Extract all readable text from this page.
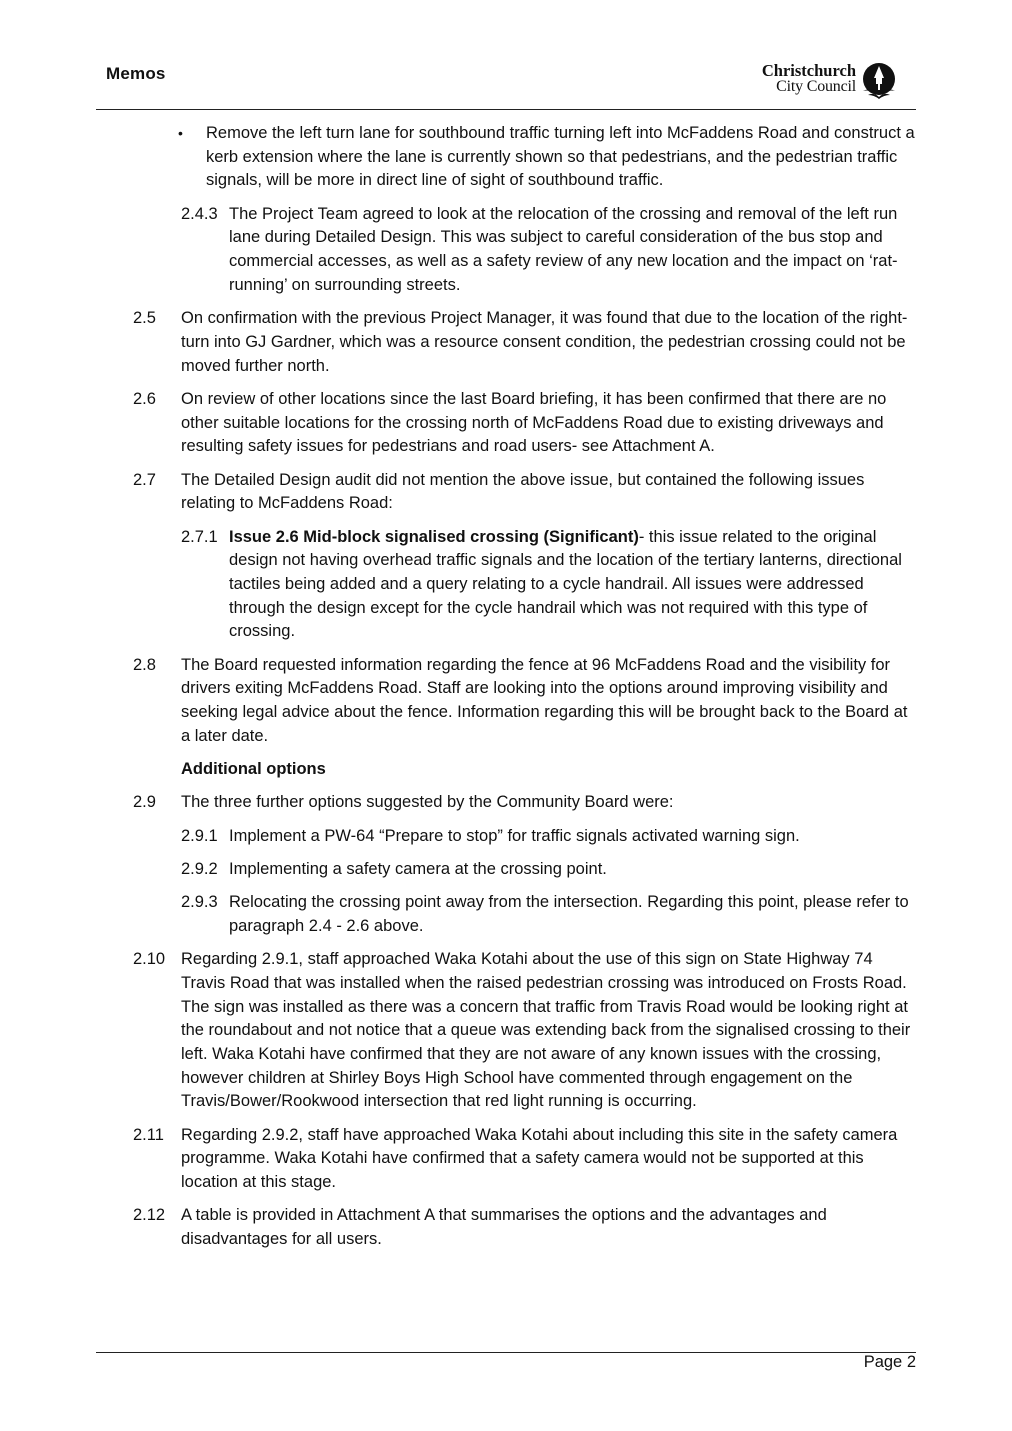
Memos	Christchurch
City Council
• Remove the left turn lane for southbound traffic turning left into McFaddens Road and construct a kerb extension where the lane is currently shown so that pedestrians, and the pedestrian traffic signals, will be more in direct line of sight of southbound traffic.
2.4.3 The Project Team agreed to look at the relocation of the crossing and removal of the left run lane during Detailed Design. This was subject to careful consideration of the bus stop and commercial accesses, as well as a safety review of any new location and the impact on ‘rat-running’ on surrounding streets.
2.5 On confirmation with the previous Project Manager, it was found that due to the location of the right-turn into GJ Gardner, which was a resource consent condition, the pedestrian crossing could not be moved further north.
2.6 On review of other locations since the last Board briefing, it has been confirmed that there are no other suitable locations for the crossing north of McFaddens Road due to existing driveways and resulting safety issues for pedestrians and road users- see Attachment A.
2.7 The Detailed Design audit did not mention the above issue, but contained the following issues relating to McFaddens Road:
2.7.1 Issue 2.6 Mid-block signalised crossing (Significant)- this issue related to the original design not having overhead traffic signals and the location of the tertiary lanterns, directional tactiles being added and a query relating to a cycle handrail. All issues were addressed through the design except for the cycle handrail which was not required with this type of crossing.
2.8 The Board requested information regarding the fence at 96 McFaddens Road and the visibility for drivers exiting McFaddens Road. Staff are looking into the options around improving visibility and seeking legal advice about the fence. Information regarding this will be brought back to the Board at a later date.
Additional options
2.9 The three further options suggested by the Community Board were:
2.9.1 Implement a PW-64 “Prepare to stop” for traffic signals activated warning sign.
2.9.2 Implementing a safety camera at the crossing point.
2.9.3 Relocating the crossing point away from the intersection. Regarding this point, please refer to paragraph 2.4 - 2.6 above.
2.10 Regarding 2.9.1, staff approached Waka Kotahi about the use of this sign on State Highway 74 Travis Road that was installed when the raised pedestrian crossing was introduced on Frosts Road. The sign was installed as there was a concern that traffic from Travis Road would be looking right at the roundabout and not notice that a queue was extending back from the signalised crossing to their left. Waka Kotahi have confirmed that they are not aware of any known issues with the crossing, however children at Shirley Boys High School have commented through engagement on the Travis/Bower/Rookwood intersection that red light running is occurring.
2.11 Regarding 2.9.2, staff have approached Waka Kotahi about including this site in the safety camera programme. Waka Kotahi have confirmed that a safety camera would not be supported at this location at this stage.
2.12 A table is provided in Attachment A that summarises the options and the advantages and disadvantages for all users.
Page 2
